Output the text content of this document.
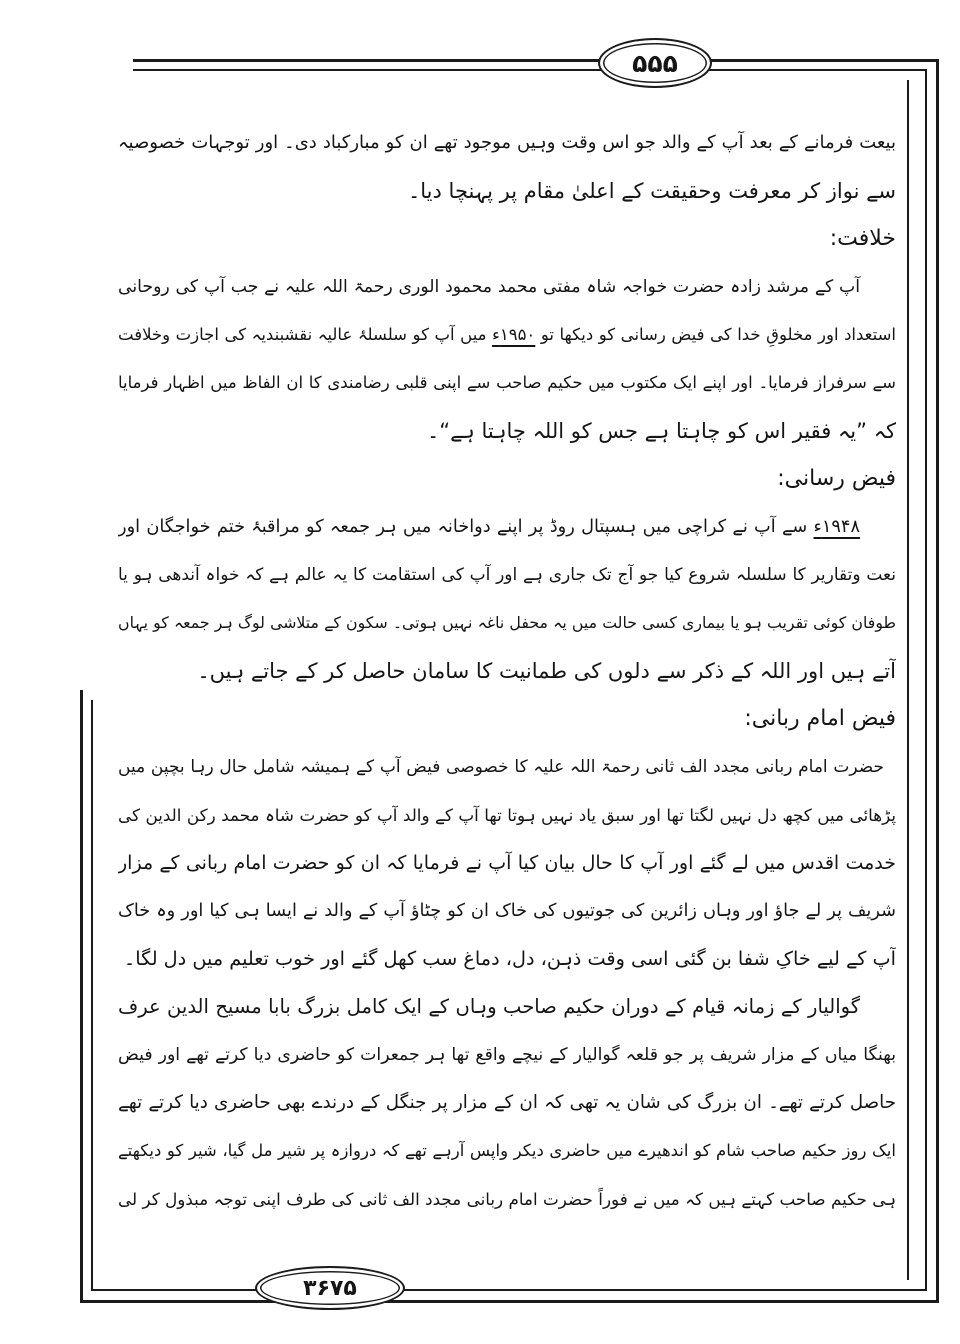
۵۵۵
۳۶۷۵
بیعت فرمانے کے بعد آپ کے والد جو اس وقت وہیں موجود تھے ان کو مبارکباد دی۔ اور توجہات خصوصیہ
سے نواز کر معرفت وحقیقت کے اعلیٰ مقام پر پہنچا دیا۔
خلافت:
آپ کے مرشد زادہ حضرت خواجہ شاہ مفتی محمد محمود الوری رحمۃ اللہ علیہ نے جب آپ کی روحانی
استعداد اور مخلوقِ خدا کی فیض رسانی کو دیکھا تو ۱۹۵۰ء میں آپ کو سلسلۂ عالیہ نقشبندیہ کی اجازت وخلافت
سے سرفراز فرمایا۔ اور اپنے ایک مکتوب میں حکیم صاحب سے اپنی قلبی رضامندی کا ان الفاظ میں اظہار فرمایا
کہ ”یہ فقیر اس کو چاہتا ہے جس کو اللہ چاہتا ہے“۔
فیض رسانی:
۱۹۴۸ء سے آپ نے کراچی میں ہسپتال روڈ پر اپنے دواخانہ میں ہر جمعہ کو مراقبۂ ختم خواجگان اور
نعت وتقاریر کا سلسلہ شروع کیا جو آج تک جاری ہے اور آپ کی استقامت کا یہ عالم ہے کہ خواہ آندھی ہو یا
طوفان کوئی تقریب ہو یا بیماری کسی حالت میں یہ محفل ناغہ نہیں ہوتی۔ سکون کے متلاشی لوگ ہر جمعہ کو یہاں
آتے ہیں اور اللہ کے ذکر سے دلوں کی طمانیت کا سامان حاصل کر کے جاتے ہیں۔
فیض امام ربانی:
حضرت امام ربانی مجدد الف ثانی رحمۃ اللہ علیہ کا خصوصی فیض آپ کے ہمیشہ شامل حال رہا بچپن میں
پڑھائی میں کچھ دل نہیں لگتا تھا اور سبق یاد نہیں ہوتا تھا آپ کے والد آپ کو حضرت شاہ محمد رکن الدین کی
خدمت اقدس میں لے گئے اور آپ کا حال بیان کیا آپ نے فرمایا کہ ان کو حضرت امام ربانی کے مزار
شریف پر لے جاؤ اور وہاں زائرین کی جوتیوں کی خاک ان کو چٹاؤ آپ کے والد نے ایسا ہی کیا اور وہ خاک
آپ کے لیے خاکِ شفا بن گئی اسی وقت ذہن، دل، دماغ سب کھل گئے اور خوب تعلیم میں دل لگا۔
گوالیار کے زمانہ قیام کے دوران حکیم صاحب وہاں کے ایک کامل بزرگ بابا مسیح الدین عرف
بھنگا میاں کے مزار شریف پر جو قلعہ گوالیار کے نیچے واقع تھا ہر جمعرات کو حاضری دیا کرتے تھے اور فیض
حاصل کرتے تھے۔ ان بزرگ کی شان یہ تھی کہ ان کے مزار پر جنگل کے درندے بھی حاضری دیا کرتے تھے
ایک روز حکیم صاحب شام کو اندھیرے میں حاضری دیکر واپس آرہے تھے کہ دروازہ پر شیر مل گیا، شیر کو دیکھتے
ہی حکیم صاحب کہتے ہیں کہ میں نے فوراً حضرت امام ربانی مجدد الف ثانی کی طرف اپنی توجہ مبذول کر لی
